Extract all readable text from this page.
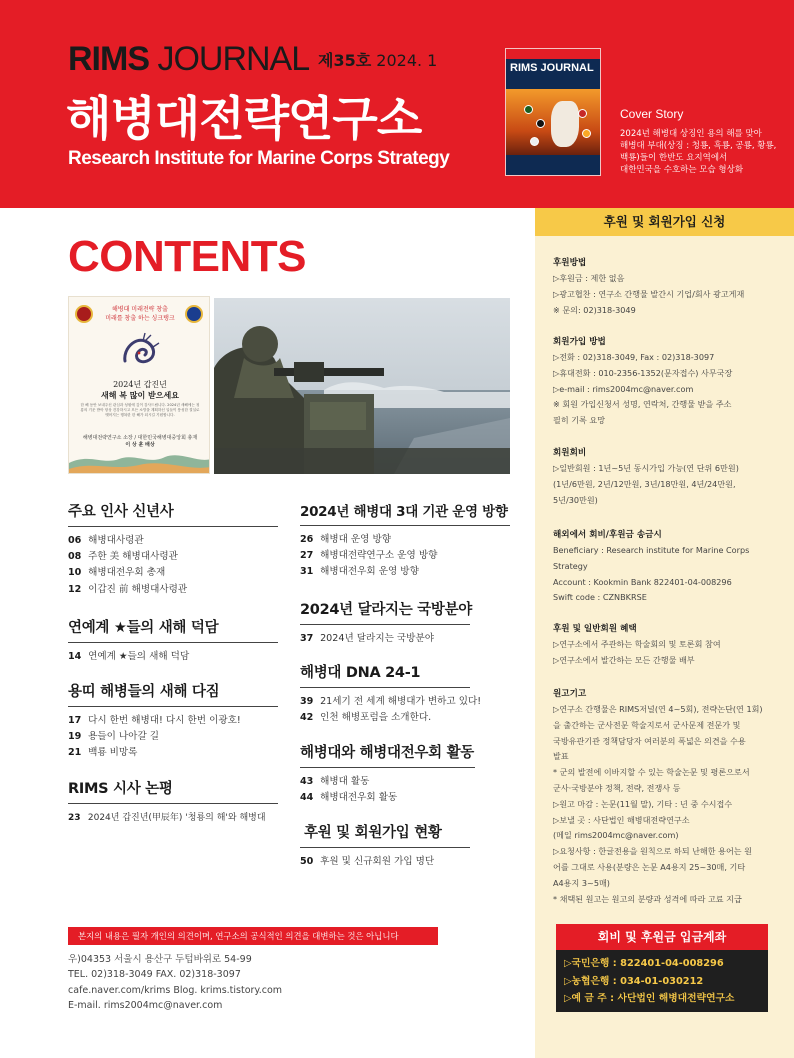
RIMS JOURNAL 제35호 2024. 1
해병대전략연구소
Research Institute for Marine Corps Strategy
RIMS JOURNAL
Cover Story
2024년 해병대 상징인 용의 해를 맞아
해병대 부대(상징 : 청룡, 흑룡, 공룡, 황룡,
백룡)들이 한반도 요지역에서
대한민국을 수호하는 모습 형상화
CONTENTS
해병대 미래전략 창출
미래를 창출 하는 싱크탱크
2024년 갑진년
새해 복 많이 받으세요
한 해 동안 보내주신 관심과 성원에 깊이 감사드립니다. 2024년 새해에는 청룡의 기운 받아 항상 건강하시고 모든 소망을 계획하신 일들이 풍성한 결실로 맺어지는 행복한 한 해가 되시길 기원합니다.
해병대전략연구소 소장 / 대한민국해병대중앙회 총재
이 상 훈 배상
주요 인사 신년사
06 해병대사령관
08 주한 美 해병대사령관
10 해병대전우회 총재
12 이갑진 前 해병대사령관
연예계 ★들의 새해 덕담
14 연예계 ★들의 새해 덕담
용띠 해병들의 새해 다짐
17 다시 한번 해병대! 다시 한번 이광호!
19 용들이 나아갈 길
21 백룡 비망록
RIMS 시사 논평
23 2024년 갑진년(甲辰年) '청룡의 해'와 해병대
2024년 해병대 3대 기관 운영 방향
26 해병대 운영 방향
27 해병대전략연구소 운영 방향
31 해병대전우회 운영 방향
2024년 달라지는 국방분야
37 2024년 달라지는 국방분야
해병대 DNA 24-1
39 21세기 전 세계 해병대가 변하고 있다!
42 인천 해병포럼을 소개한다.
해병대와 해병대전우회 활동
43 해병대 활동
44 해병대전우회 활동
후원 및 회원가입 현황
50 후원 및 신규회원 가입 명단
본지의 내용은 필자 개인의 의견이며, 연구소의 공식적인 의견을 대변하는 것은 아닙니다
우)04353 서울시 용산구 두텁바위로 54-99
TEL. 02)318-3049 FAX. 02)318-3097
cafe.naver.com/krims Blog. krims.tistory.com
E-mail. rims2004mc@naver.com
후원 및 회원가입 신청
후원방법

▷후원금 : 제한 없음

▷광고협찬 : 연구소 간행물 발간시 기업/회사 광고게재

※ 문의: 02)318-3049

회원가입 방법

▷전화 : 02)318-3049, Fax : 02)318-3097

▷휴대전화 : 010-2356-1352(문자접수) 사무국장

▷e-mail : rims2004mc@naver.com

※ 회원 가입신청서 성명, 연락처, 간행물 받을 주소

필히 기록 요망

회원회비

▷일반회원 : 1년~5년 동시가입 가능(연 단위 6만원)

(1년/6만원, 2년/12만원, 3년/18만원, 4년/24만원,

5년/30만원)

해외에서 회비/후원금 송금시

Beneficiary : Research institute for Marine Corps

Strategy

Account : Kookmin Bank 822401-04-008296

Swift code : CZNBKRSE

후원 및 일반회원 혜택

▷연구소에서 주관하는 학술회의 및 토론회 참여

▷연구소에서 발간하는 모든 간행물 배부

원고기고

▷연구소 간행물은 RIMS저널(연 4~5회), 전략논단(연 1회)

을 출간하는 군사전문 학술지로서 군사문제 전문가 및

국방유관기관 정책담당자 여러분의 폭넓은 의견을 수용

발표

* 군의 발전에 이바지할 수 있는 학술논문 및 평론으로서

군사·국방분야 정책, 전략, 전쟁사 등

▷원고 마감 : 논문(11월 말), 기타 : 년 중 수시접수

▷보낼 곳 : 사단법인 해병대전략연구소

(메일 rims2004mc@naver.com)

▷요청사항 : 한글전용을 원칙으로 하되 난해한 용어는 원

어를 그대로 사용(분량은 논문 A4용지 25~30매, 기타

A4용지 3~5매)

* 채택된 원고는 원고의 분량과 성격에 따라 고료 지급

회비 및 후원금 입금계좌

▷국민은행 : 822401-04-008296

▷농협은행 : 034-01-030212

▷예 금 주 : 사단법인 해병대전략연구소
